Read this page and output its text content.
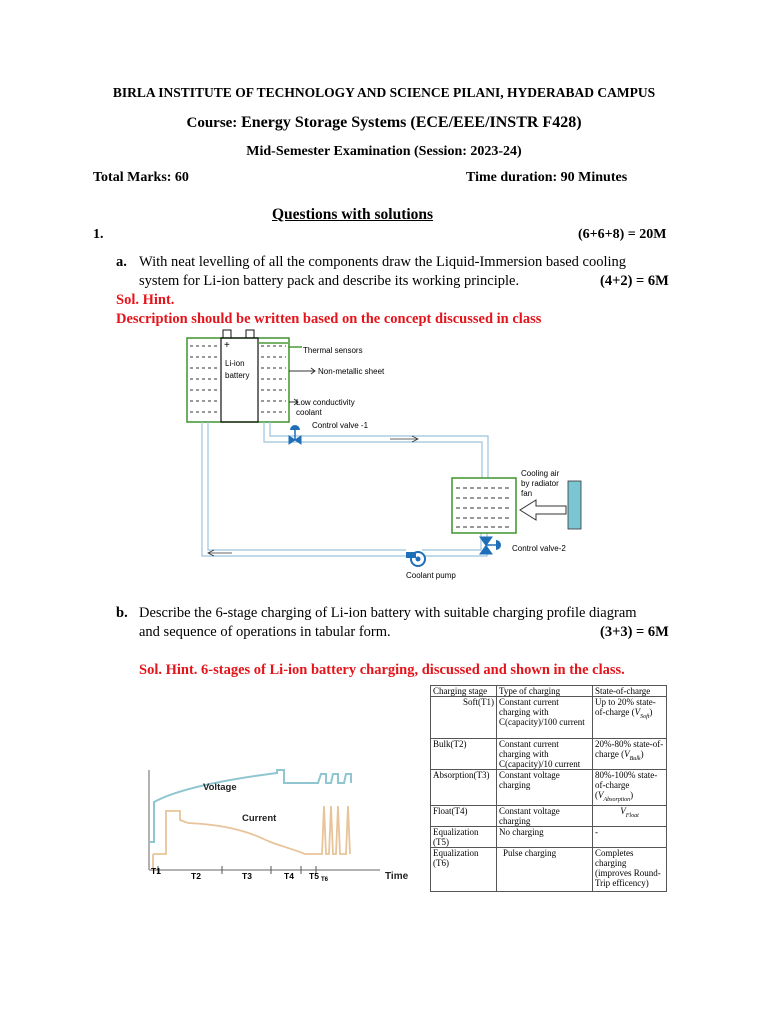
BIRLA INSTITUTE OF TECHNOLOGY AND SCIENCE PILANI, HYDERABAD CAMPUS
Course: Energy Storage Systems (ECE/EEE/INSTR F428)
Mid-Semester Examination (Session: 2023-24)
Total Marks: 60	Time duration: 90 Minutes
Questions with solutions
1.	(6+6+8) = 20M
a. With neat levelling of all the components draw the Liquid-Immersion based cooling
system for Li-ion battery pack and describe its working principle.	(4+2) = 6M
Sol. Hint.
Description should be written based on the concept discussed in class
+
Li-ion
battery
Thermal sensors
Non-metallic sheet
Low conductivity
coolant
Control valve -1
Cooling air
by radiator
fan
Control valve-2
Coolant pump
b. Describe the 6-stage charging of Li-ion battery with suitable charging profile diagram
and sequence of operations in tabular form.	(3+3) = 6M
Sol. Hint. 6-stages of Li-ion battery charging, discussed and shown in the class.
Voltage
Current
Time
T1	T2	T3	T4 T5 T6
Charging stage	Type of charging	State-of-charge
Soft(T1)	Constant current charging with C(capacity)/100 current	Up to 20% state-of-charge $(V_{Soft})$
Bulk(T2)	Constant current charging with C(capacity)/10 current	20%-80% state-of-charge $(V_{Bulk})$
Absorption(T3)	Constant voltage charging	80%-100% state-of-charge $(V_{Absorption})$
Float(T4)	Constant voltage charging	$V_{Float}$
Equalization (T5)	No charging	-
Equalization (T6)	Pulse charging	Completes charging (improves Round-Trip efficency)
